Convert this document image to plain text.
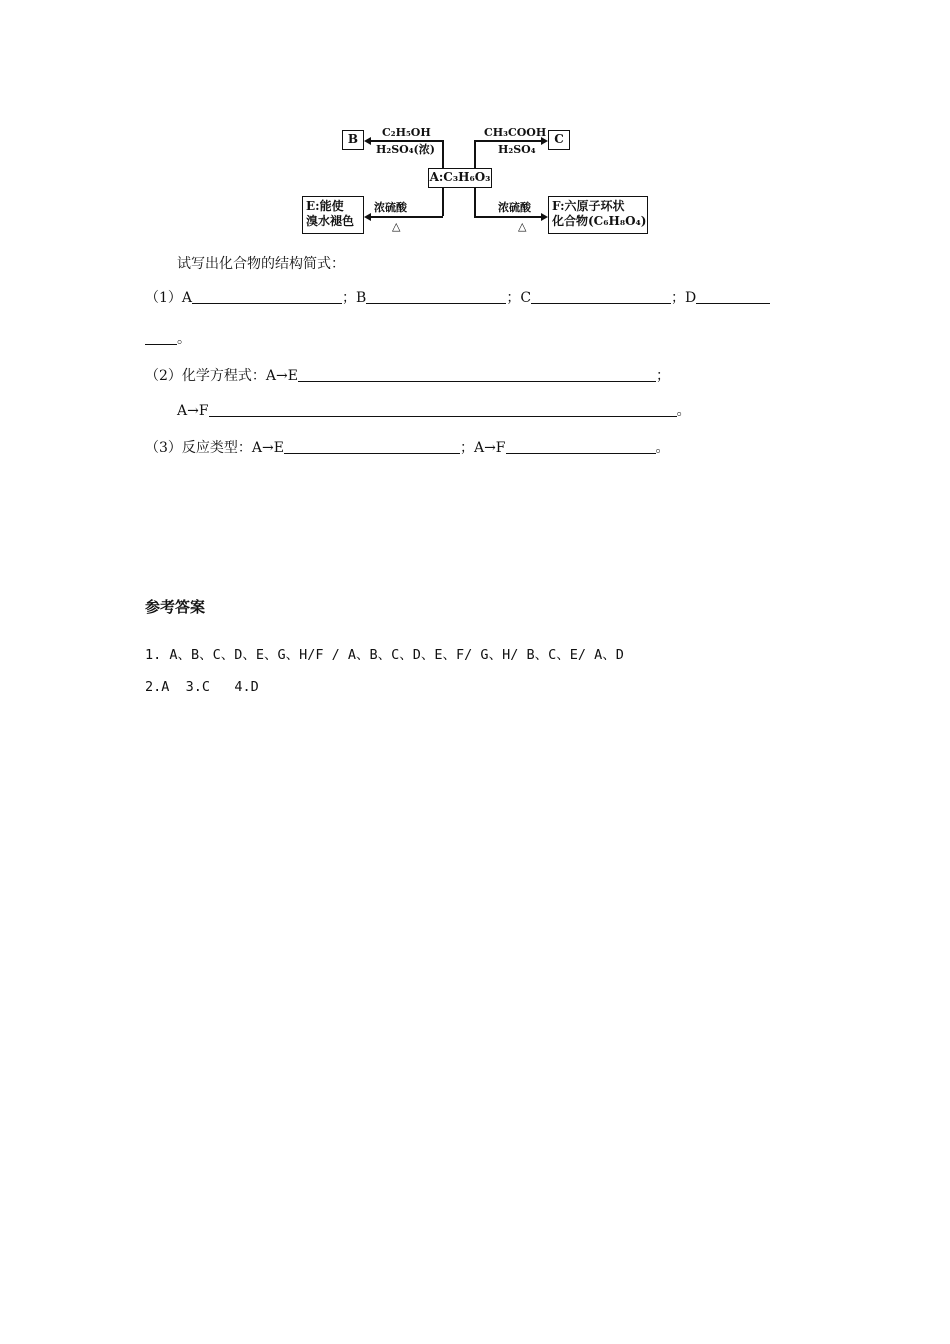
A:C₃H₆O₃
B	C₂H₅OH
H₂SO₄(浓)
C
CH₃COOH
H₂SO₄
E:能使
溴水褪色
浓硫酸
△
F:六原子环状
化合物(C₆H₈O₄)
浓硫酸
△
试写出化合物的结构简式：
（1）A	；B	；C	；D
。
（2）化学方程式：A→E	；
A→F	。
（3）反应类型：A→E	；A→F	。
参考答案
1. A、B、C、D、E、G、H/F / A、B、C、D、E、F/ G、H/ B、C、E/ A、D
2.A  3.C   4.D
